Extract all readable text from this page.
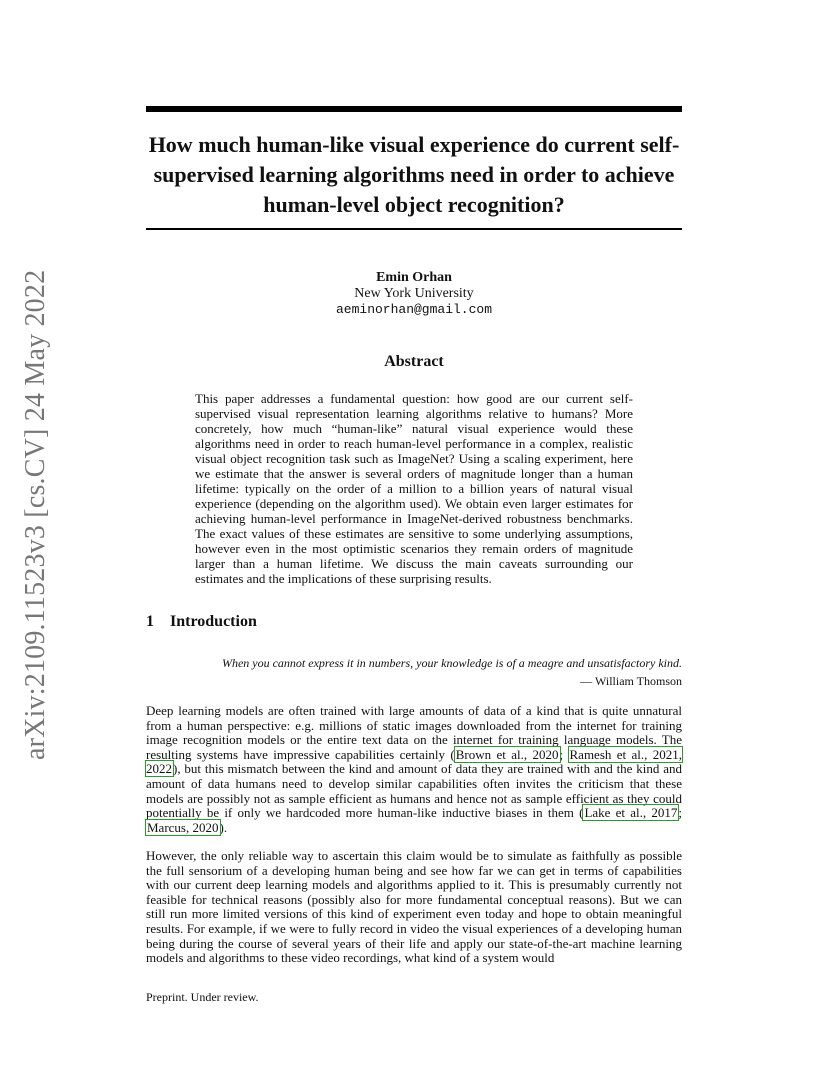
arXiv:2109.11523v3 [cs.CV] 24 May 2022
How much human-like visual experience do current self-supervised learning algorithms need in order to achieve human-level object recognition?
Emin Orhan
New York University
aeminorhan@gmail.com
Abstract
This paper addresses a fundamental question: how good are our current self-supervised visual representation learning algorithms relative to humans? More concretely, how much “human-like” natural visual experience would these algorithms need in order to reach human-level performance in a complex, realistic visual object recognition task such as ImageNet? Using a scaling experiment, here we estimate that the answer is several orders of magnitude longer than a human lifetime: typically on the order of a million to a billion years of natural visual experience (depending on the algorithm used). We obtain even larger estimates for achieving human-level performance in ImageNet-derived robustness benchmarks. The exact values of these estimates are sensitive to some underlying assumptions, however even in the most optimistic scenarios they remain orders of magnitude larger than a human lifetime. We discuss the main caveats surrounding our estimates and the implications of these surprising results.
1 Introduction
When you cannot express it in numbers, your knowledge is of a meagre and unsatisfactory kind.
— William Thomson
Deep learning models are often trained with large amounts of data of a kind that is quite unnatural from a human perspective: e.g. millions of static images downloaded from the internet for training image recognition models or the entire text data on the internet for training language models. The resulting systems have impressive capabilities certainly (Brown et al., 2020; Ramesh et al., 2021, 2022), but this mismatch between the kind and amount of data they are trained with and the kind and amount of data humans need to develop similar capabilities often invites the criticism that these models are possibly not as sample efficient as humans and hence not as sample efficient as they could potentially be if only we hardcoded more human-like inductive biases in them (Lake et al., 2017; Marcus, 2020).
However, the only reliable way to ascertain this claim would be to simulate as faithfully as possible the full sensorium of a developing human being and see how far we can get in terms of capabilities with our current deep learning models and algorithms applied to it. This is presumably currently not feasible for technical reasons (possibly also for more fundamental conceptual reasons). But we can still run more limited versions of this kind of experiment even today and hope to obtain meaningful results. For example, if we were to fully record in video the visual experiences of a developing human being during the course of several years of their life and apply our state-of-the-art machine learning models and algorithms to these video recordings, what kind of a system would
Preprint. Under review.
